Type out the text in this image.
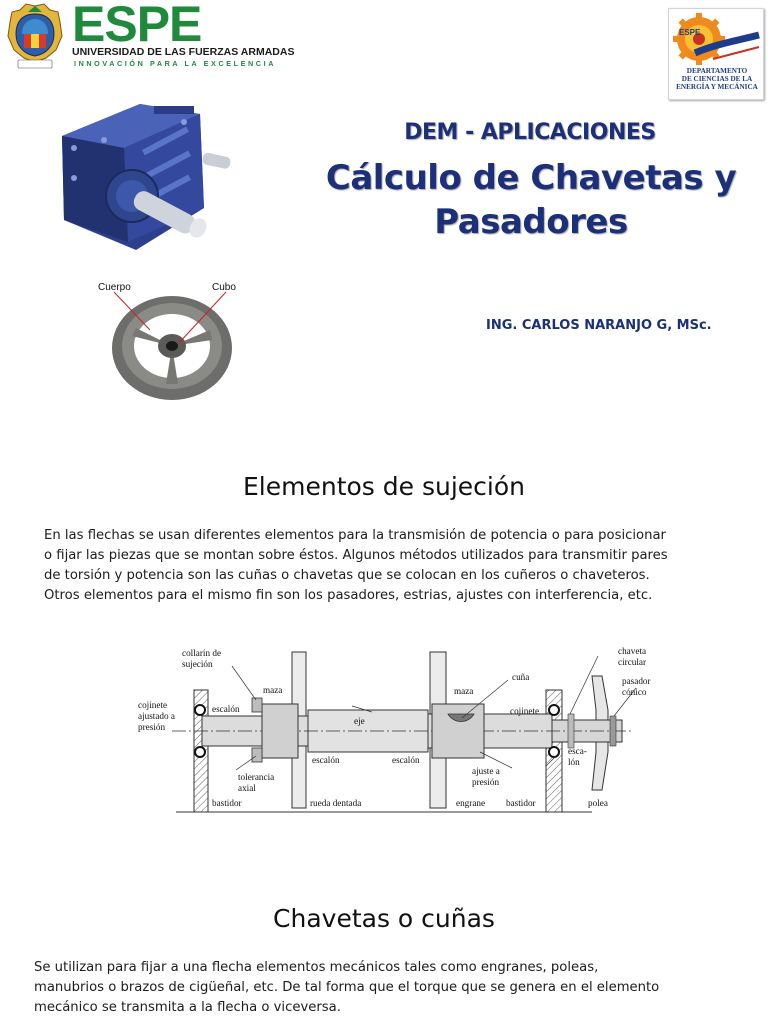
ESPE
UNIVERSIDAD DE LAS FUERZAS ARMADAS
INNOVACIÓN PARA LA EXCELENCIA
ESPE
DEPARTAMENTO
DE CIENCIAS DE LA
ENERGÍA Y MECÁNICA
Cuerpo	Cubo
DEM - APLICACIONES
Cálculo de Chavetas y
Pasadores
ING. CARLOS NARANJO G, MSc.
Elementos de sujeción
En las flechas se usan diferentes elementos para la transmisión de potencia o para posicionar
o fijar las piezas que se montan sobre éstos. Algunos métodos utilizados para transmitir pares
de torsión y potencia son las cuñas o chavetas que se colocan en los cuñeros o chaveteros.
Otros elementos para el mismo fin son los pasadores, estrias, ajustes con interferencia, etc.
collarín de sujeción
maza
escalón
cojinete ajustado a presión
eje
maza
cuña
cojinete
chaveta circular
pasador cónico
tolerancia axial
escalón	escalón
ajuste a presión
esca-lón
bastidor	rueda dentada	engrane bastidor	polea
Chavetas o cuñas
Se utilizan para fijar a una flecha elementos mecánicos tales como engranes, poleas,
manubrios o brazos de cigüeñal, etc. De tal forma que el torque que se genera en el elemento
mecánico se transmita a la flecha o viceversa.
